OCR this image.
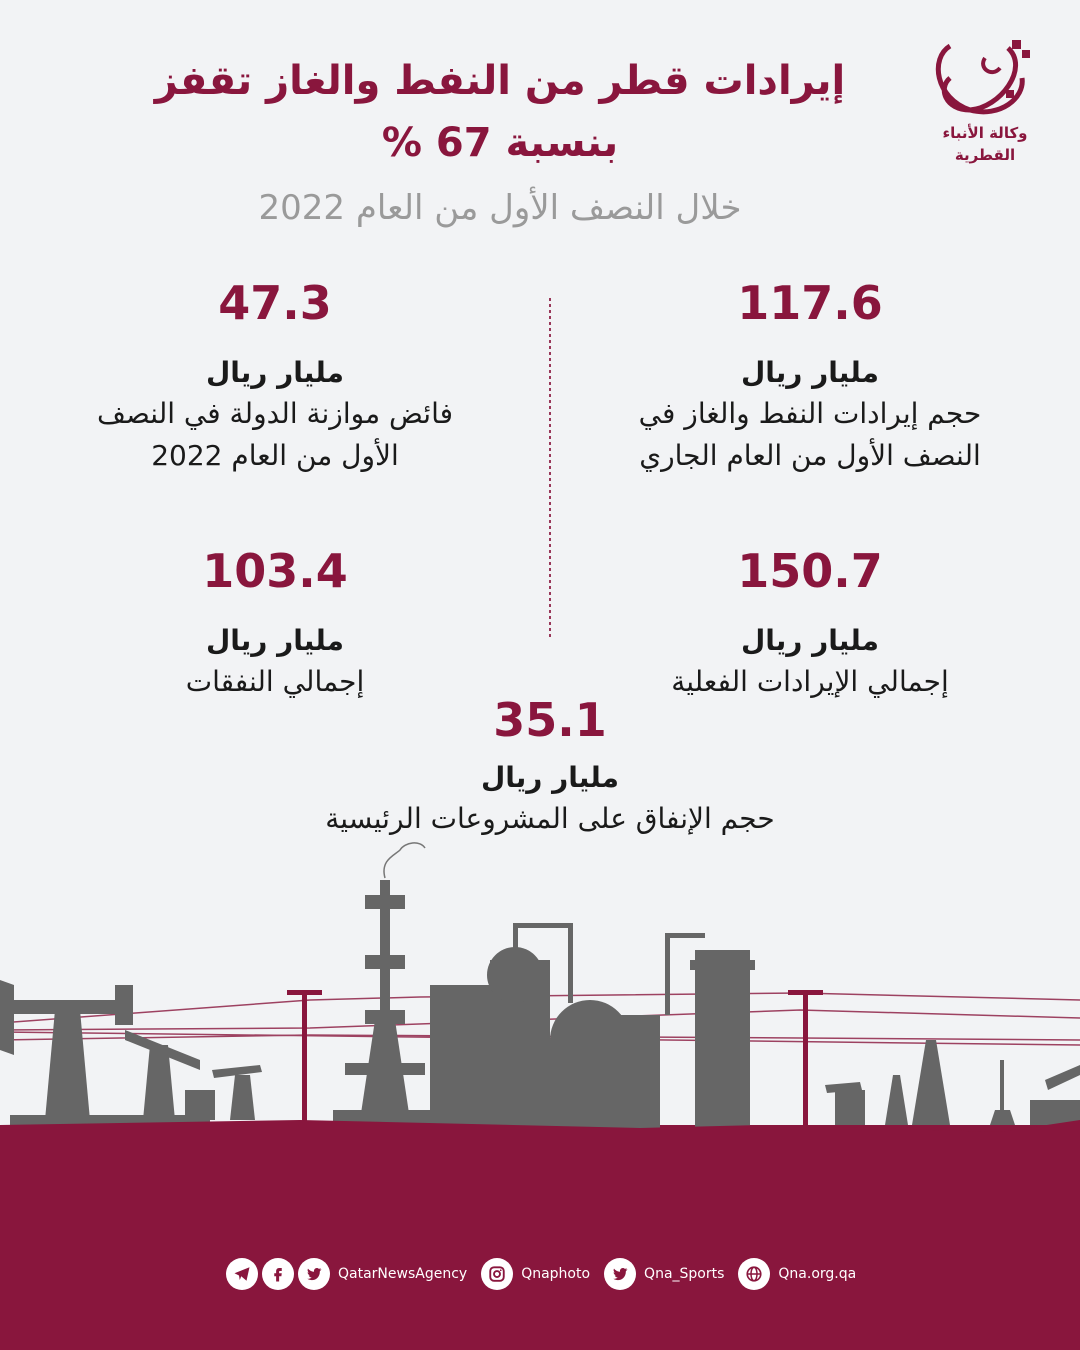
إيرادات قطر من النفط والغاز تقفز
بنسبة 67 %
خلال النصف الأول من العام 2022
وكالة الأنباء
القطرية
117.6
مليار ريال
حجم إيرادات النفط والغاز في
النصف الأول من العام الجاري
47.3
مليار ريال
فائض موازنة الدولة في النصف
الأول من العام 2022
150.7
مليار ريال
إجمالي الإيرادات الفعلية
103.4
مليار ريال
إجمالي النفقات
35.1
مليار ريال
حجم الإنفاق على المشروعات الرئيسية
QatarNewsAgency	Qnaphoto	Qna_Sports	Qna.org.qa
